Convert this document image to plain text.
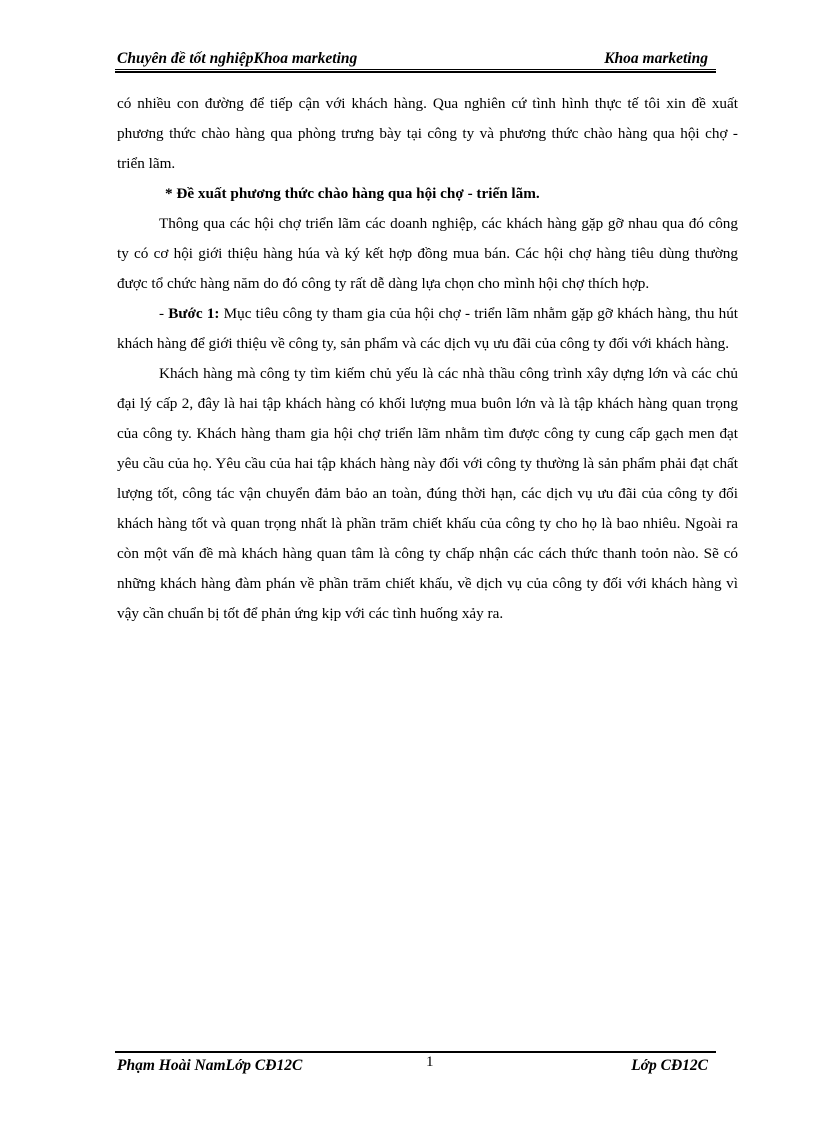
Chuyên đề tốt nghiệpKhoa marketing	Khoa marketing

có nhiều con đường để tiếp cận với khách hàng. Qua nghiên cứ tình hình thực tế tôi xin đề xuất phương thức chào hàng qua phòng trưng bày tại công ty và phương thức chào hàng qua hội chợ - triển lãm.

* Đề xuất phương thức chào hàng qua hội chợ - triển lãm.

Thông qua các hội chợ triển lãm các doanh nghiệp, các khách hàng gặp gỡ nhau qua đó công ty có cơ hội giới thiệu hàng húa và ký kết hợp đồng mua bán. Các hội chợ hàng tiêu dùng thường được tổ chức hàng năm do đó công ty rất dễ dàng lựa chọn cho mình hội chợ thích hợp.

- Bước 1: Mục tiêu công ty tham gia của hội chợ - triển lãm nhằm gặp gỡ khách hàng, thu hút khách hàng để giới thiệu về công ty, sản phẩm và các dịch vụ ưu đãi của công ty đối với khách hàng.

Khách hàng mà công ty tìm kiếm chủ yếu là các nhà thầu công trình xây dựng lớn và các chủ đại lý cấp 2, đây là hai tập khách hàng có khối lượng mua buôn lớn và là tập khách hàng quan trọng của công ty. Khách hàng tham gia hội chợ triển lãm nhằm tìm được công ty cung cấp gạch men đạt yêu cầu của họ. Yêu cầu của hai tập khách hàng này đối với công ty thường là sản phẩm phải đạt chất lượng tốt, công tác vận chuyển đảm bảo an toàn, đúng thời hạn, các dịch vụ ưu đãi của công ty đối khách hàng tốt và quan trọng nhất là phần trăm chiết khấu của công ty cho họ là bao nhiêu. Ngoài ra còn một vấn đề mà khách hàng quan tâm là công ty chấp nhận các cách thức thanh toỏn nào. Sẽ có những khách hàng đàm phán về phần trăm chiết khấu, về dịch vụ của công ty đối với khách hàng vì vậy cần chuẩn bị tốt để phản ứng kịp với các tình huống xảy ra.

Phạm Hoài NamLớp CĐ12C	1	Lớp CĐ12C
